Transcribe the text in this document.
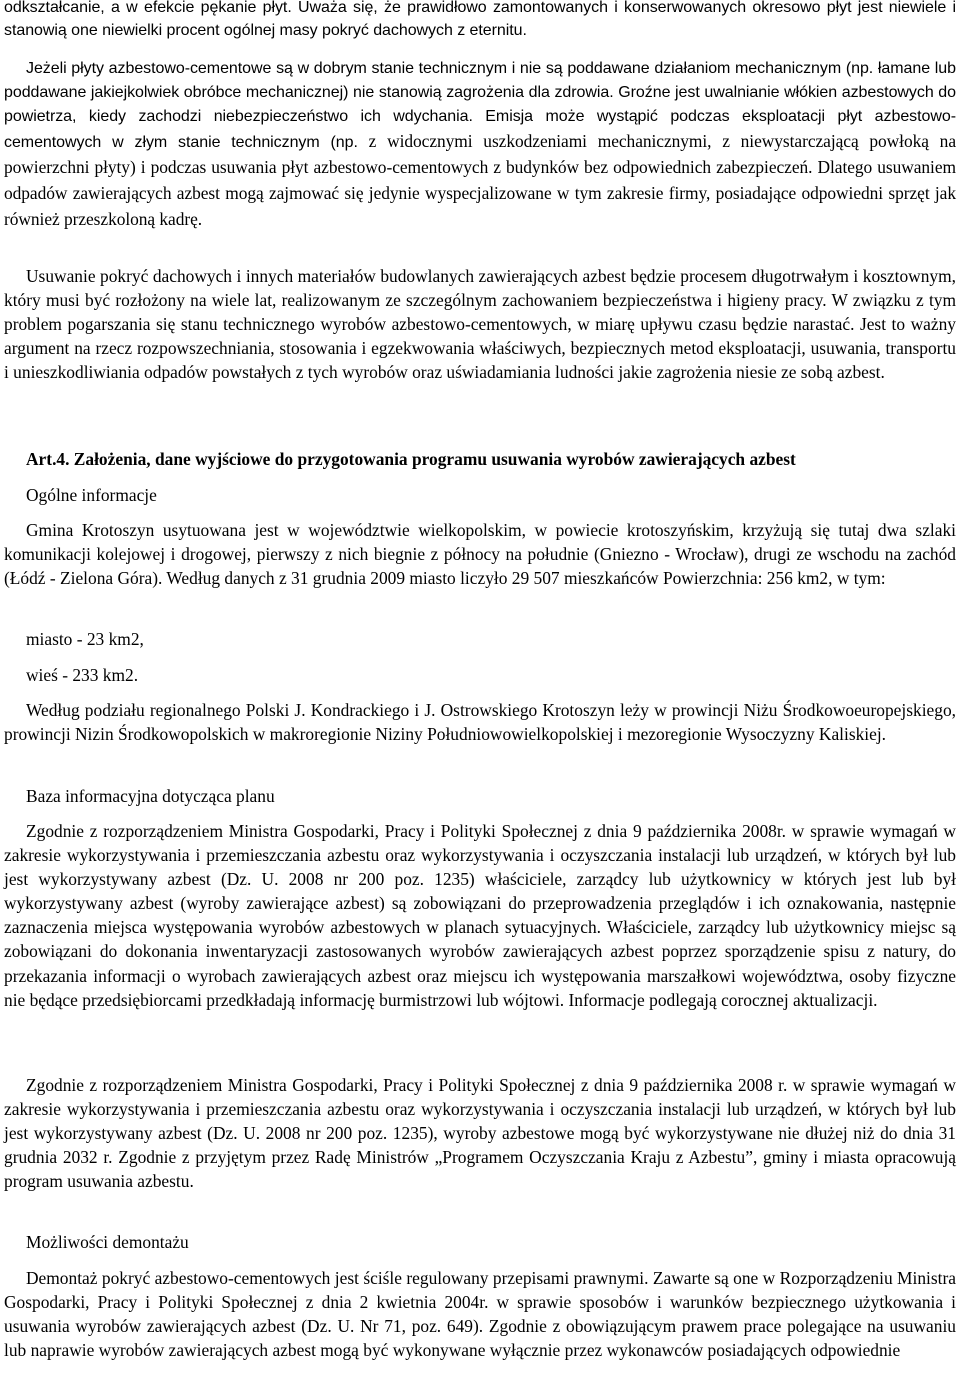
odkształcanie, a w efekcie pękanie płyt. Uważa się, że prawidłowo zamontowanych i konserwowanych okresowo płyt jest niewiele i stanowią one niewielki procent ogólnej masy pokryć dachowych z eternitu.

Jeżeli płyty azbestowo-cementowe są w dobrym stanie technicznym i nie są poddawane działaniom mechanicznym (np. łamane lub poddawane jakiejkolwiek obróbce mechanicznej) nie stanowią zagrożenia dla zdrowia. Groźne jest uwalnianie włókien azbestowych do powietrza, kiedy zachodzi niebezpieczeństwo ich wdychania. Emisja może wystąpić podczas eksploatacji płyt azbestowo-cementowych w złym stanie technicznym (np. z widocznymi uszkodzeniami mechanicznymi, z niewystarczającą powłoką na powierzchni płyty) i podczas usuwania płyt azbestowo-cementowych z budynków bez odpowiednich zabezpieczeń. Dlatego usuwaniem odpadów zawierających azbest mogą zajmować się jedynie wyspecjalizowane w tym zakresie firmy, posiadające odpowiedni sprzęt jak również przeszkoloną kadrę.

Usuwanie pokryć dachowych i innych materiałów budowlanych zawierających azbest będzie procesem długotrwałym i kosztownym, który musi być rozłożony na wiele lat, realizowanym ze szczególnym zachowaniem bezpieczeństwa i higieny pracy. W związku z tym problem pogarszania się stanu technicznego wyrobów azbestowo-cementowych, w miarę upływu czasu będzie narastać. Jest to ważny argument na rzecz rozpowszechniania, stosowania i egzekwowania właściwych, bezpiecznych metod eksploatacji, usuwania, transportu i unieszkodliwiania odpadów powstałych z tych wyrobów oraz uświadamiania ludności jakie zagrożenia niesie ze sobą azbest.

Art.4. Założenia, dane wyjściowe do przygotowania programu usuwania wyrobów zawierających azbest

Ogólne informacje

Gmina Krotoszyn usytuowana jest w województwie wielkopolskim, w powiecie krotoszyńskim, krzyżują się tutaj dwa szlaki komunikacji kolejowej i drogowej, pierwszy z nich biegnie z północy na południe (Gniezno - Wrocław), drugi ze wschodu na zachód (Łódź - Zielona Góra). Według danych z 31 grudnia 2009 miasto liczyło 29 507 mieszkańców Powierzchnia: 256 km2, w tym:

miasto - 23 km2,

wieś - 233 km2.

Według podziału regionalnego Polski J. Kondrackiego i J. Ostrowskiego Krotoszyn leży w prowincji Niżu Środkowoeuropejskiego, prowincji Nizin Środkowopolskich w makroregionie Niziny Południowowielkopolskiej i mezoregionie Wysoczyzny Kaliskiej.

Baza informacyjna dotycząca planu

Zgodnie z rozporządzeniem Ministra Gospodarki, Pracy i Polityki Społecznej z dnia 9 października 2008r. w sprawie wymagań w zakresie wykorzystywania i przemieszczania azbestu oraz wykorzystywania i oczyszczania instalacji lub urządzeń, w których był lub jest wykorzystywany azbest (Dz. U. 2008 nr 200 poz. 1235) właściciele, zarządcy lub użytkownicy w których jest lub był wykorzystywany azbest (wyroby zawierające azbest) są zobowiązani do przeprowadzenia przeglądów i ich oznakowania, następnie zaznaczenia miejsca występowania wyrobów azbestowych w planach sytuacyjnych. Właściciele, zarządcy lub użytkownicy miejsc są zobowiązani do dokonania inwentaryzacji zastosowanych wyrobów zawierających azbest poprzez sporządzenie spisu z natury, do przekazania informacji o wyrobach zawierających azbest oraz miejscu ich występowania marszałkowi województwa, osoby fizyczne nie będące przedsiębiorcami przedkładają informację burmistrzowi lub wójtowi. Informacje podlegają corocznej aktualizacji.

Zgodnie z rozporządzeniem Ministra Gospodarki, Pracy i Polityki Społecznej z dnia 9 października 2008 r. w sprawie wymagań w zakresie wykorzystywania i przemieszczania azbestu oraz wykorzystywania i oczyszczania instalacji lub urządzeń, w których był lub jest wykorzystywany azbest (Dz. U. 2008 nr 200 poz. 1235), wyroby azbestowe mogą być wykorzystywane nie dłużej niż do dnia 31 grudnia 2032 r. Zgodnie z przyjętym przez Radę Ministrów „Programem Oczyszczania Kraju z Azbestu”, gminy i miasta opracowują program usuwania azbestu.

Możliwości demontażu

Demontaż pokryć azbestowo-cementowych jest ściśle regulowany przepisami prawnymi. Zawarte są one w Rozporządzeniu Ministra Gospodarki, Pracy i Polityki Społecznej z dnia 2 kwietnia 2004r. w sprawie sposobów i warunków bezpiecznego użytkowania i usuwania wyrobów zawierających azbest (Dz. U. Nr 71, poz. 649). Zgodnie z obowiązującym prawem prace polegające na usuwaniu lub naprawie wyrobów zawierających azbest mogą być wykonywane wyłącznie przez wykonawców posiadających odpowiednie
